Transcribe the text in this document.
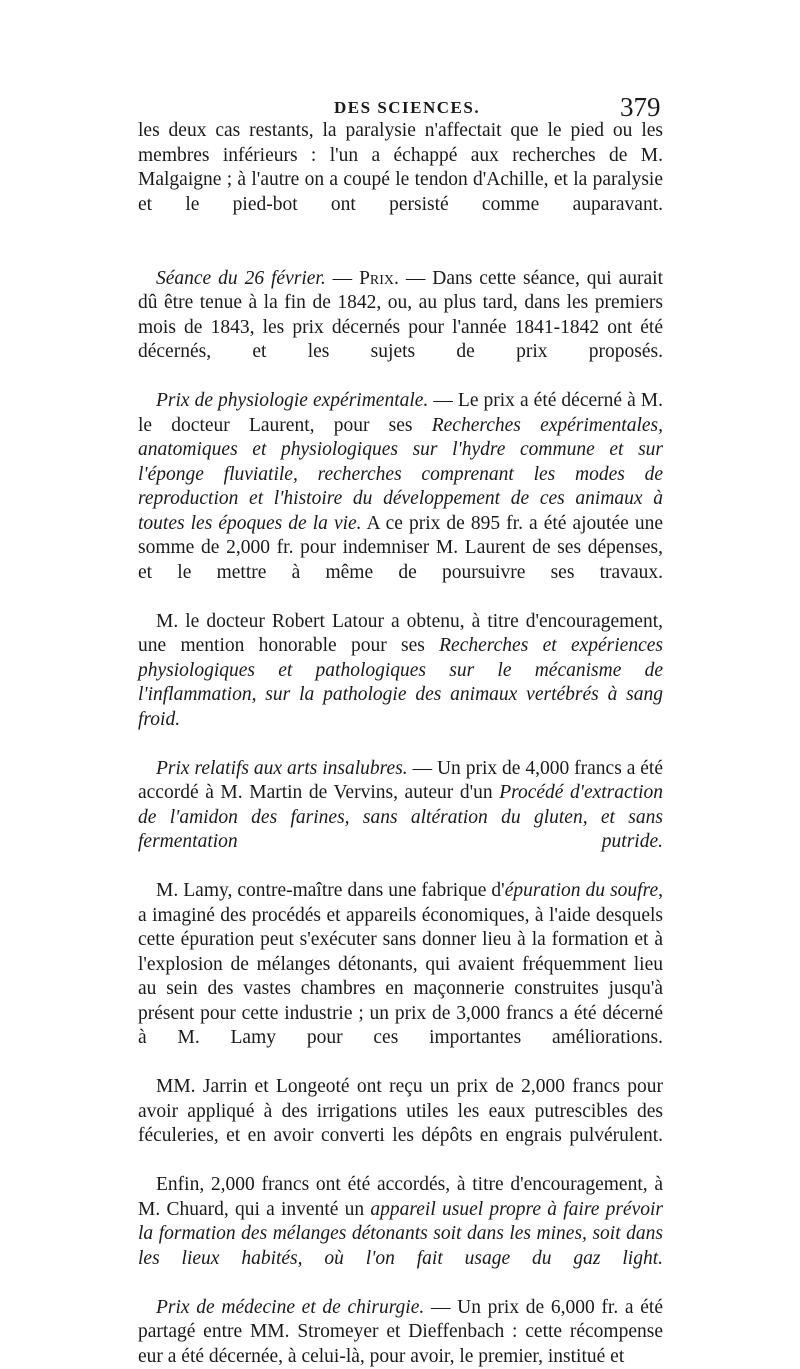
DES SCIENCES.	379

les deux cas restants, la paralysie n'affectait que le pied ou les membres inférieurs : l'un a échappé aux recherches de M. Malgaigne ; à l'autre on a coupé le tendon d'Achille, et la paralysie et le pied-bot ont persisté comme auparavant.

Séance du 26 février. — Prix. — Dans cette séance, qui aurait dû être tenue à la fin de 1842, ou, au plus tard, dans les premiers mois de 1843, les prix décernés pour l'année 1841-1842 ont été décernés, et les sujets de prix proposés.

Prix de physiologie expérimentale. — Le prix a été décerné à M. le docteur Laurent, pour ses Recherches expérimentales, anatomiques et physiologiques sur l'hydre commune et sur l'éponge fluviatile, recherches comprenant les modes de reproduction et l'histoire du développement de ces animaux à toutes les époques de la vie. A ce prix de 895 fr. a été ajoutée une somme de 2,000 fr. pour indemniser M. Laurent de ses dépenses, et le mettre à même de poursuivre ses travaux.

M. le docteur Robert Latour a obtenu, à titre d'encouragement, une mention honorable pour ses Recherches et expériences physiologiques et pathologiques sur le mécanisme de l'inflammation, sur la pathologie des animaux vertébrés à sang froid.

Prix relatifs aux arts insalubres. — Un prix de 4,000 francs a été accordé à M. Martin de Vervins, auteur d'un Procédé d'extraction de l'amidon des farines, sans altération du gluten, et sans fermentation putride.

M. Lamy, contre-maître dans une fabrique d'épuration du soufre, a imaginé des procédés et appareils économiques, à l'aide desquels cette épuration peut s'exécuter sans donner lieu à la formation et à l'explosion de mélanges détonants, qui avaient fréquemment lieu au sein des vastes chambres en maçonnerie construites jusqu'à présent pour cette industrie ; un prix de 3,000 francs a été décerné à M. Lamy pour ces importantes améliorations.

MM. Jarrin et Longeoté ont reçu un prix de 2,000 francs pour avoir appliqué à des irrigations utiles les eaux putrescibles des féculeries, et en avoir converti les dépôts en engrais pulvérulent.

Enfin, 2,000 francs ont été accordés, à titre d'encouragement, à M. Chuard, qui a inventé un appareil usuel propre à faire prévoir la formation des mélanges détonants soit dans les mines, soit dans les lieux habités, où l'on fait usage du gaz light.

Prix de médecine et de chirurgie. — Un prix de 6,000 fr. a été partagé entre MM. Stromeyer et Dieffenbach : cette récompense eur a été décernée, à celui-là, pour avoir, le premier, institué et
